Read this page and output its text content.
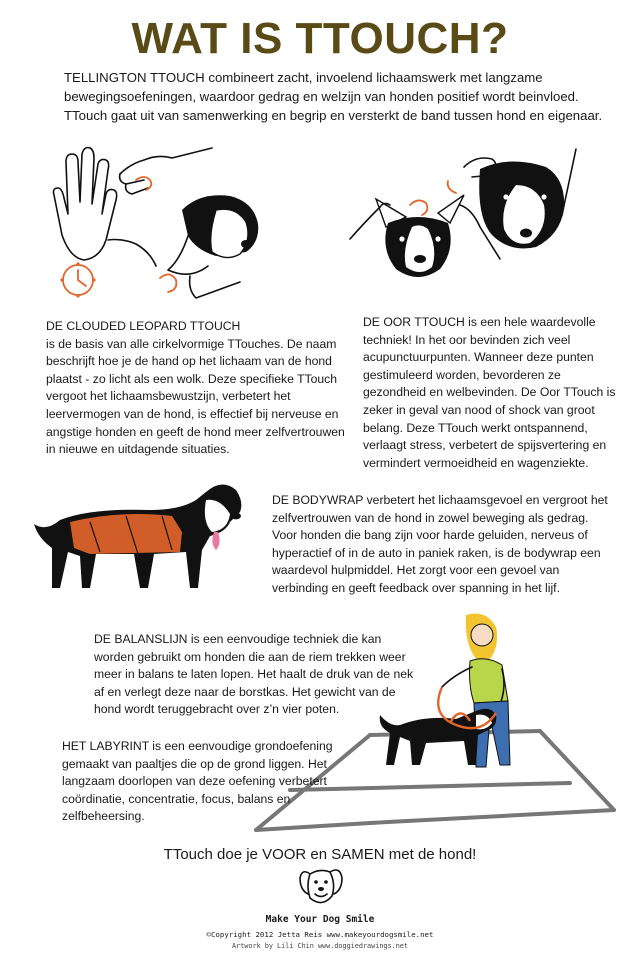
WAT IS TTOUCH?
TELLINGTON TTOUCH combineert zacht, invoelend lichaamswerk met langzame bewegingsoefeningen, waardoor gedrag en welzijn van honden positief wordt beinvloed. TTouch gaat uit van samenwerking en begrip en versterkt de band tussen hond en eigenaar.
DE CLOUDED LEOPARD TTOUCH
is de basis van alle cirkelvormige TTouches. De naam beschrijft hoe je de hand op het lichaam van de hond plaatst - zo licht als een wolk. Deze specifieke TTouch vergoot het lichaamsbewustzijn, verbetert het leervermogen van de hond, is effectief bij nerveuse en angstige honden en geeft de hond meer zelfvertrouwen in nieuwe en uitdagende situaties.
DE OOR TTOUCH is een hele waardevolle techniek! In het oor bevinden zich veel acupunctuurpunten. Wanneer deze punten gestimuleerd worden, bevorderen ze gezondheid en welbevinden. De Oor TTouch is zeker in geval van nood of shock van groot belang. Deze TTouch werkt ontspannend, verlaagt stress, verbetert de spijsvertering en vermindert vermoeidheid en wagenziekte.
DE BODYWRAP verbetert het lichaamsgevoel en vergroot het zelfvertrouwen van de hond in zowel beweging als gedrag. Voor honden die bang zijn voor harde geluiden, nerveus of hyperactief of in de auto in paniek raken, is de bodywrap een waardevol hulpmiddel. Het zorgt voor een gevoel van verbinding en geeft feedback over spanning in het lijf.
DE BALANSLIJN is een eenvoudige techniek die kan worden gebruikt om honden die aan de riem trekken weer meer in balans te laten lopen. Het haalt de druk van de nek af en verlegt deze naar de borstkas. Het gewicht van de hond wordt teruggebracht over z’n vier poten.
HET LABYRINT is een eenvoudige grondoefening gemaakt van paaltjes die op de grond liggen. Het langzaam doorlopen van deze oefening verbetert coördinatie, concentratie, focus, balans en zelfbeheersing.
TTouch doe je VOOR en SAMEN met de hond!
Make Your Dog Smile
©Copyright 2012 Jetta Reis www.makeyourdogsmile.net
Artwork by Lili Chin www.doggiedrawings.net
